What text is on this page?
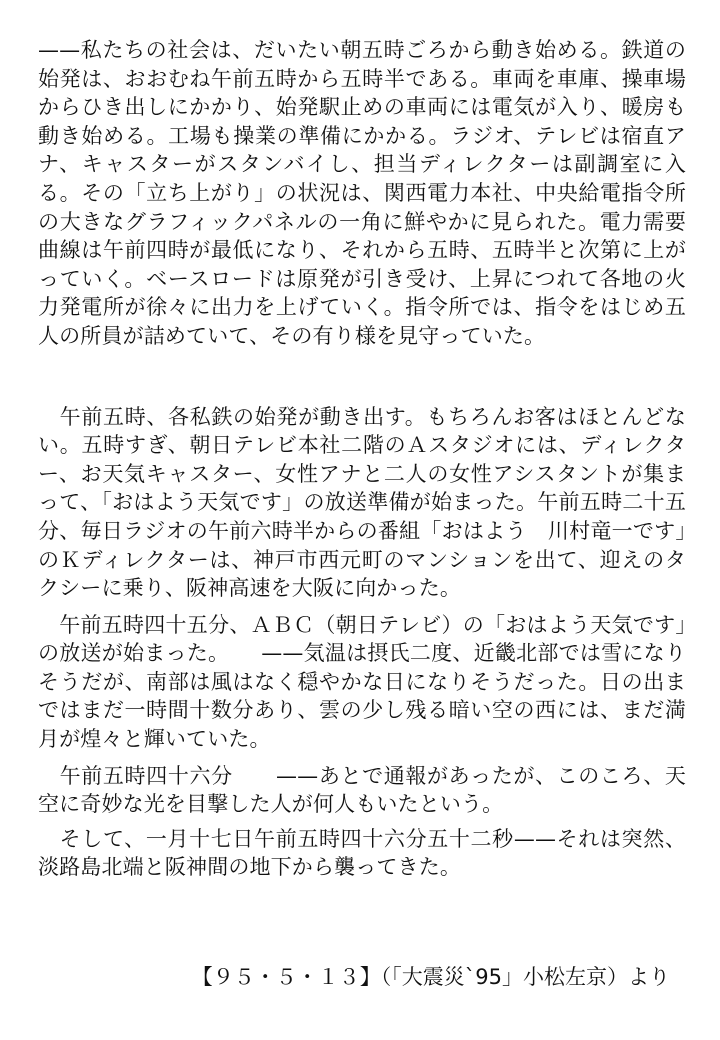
——私たちの社会は、だいたい朝五時ごろから動き始める。鉄道の始発は、おおむね午前五時から五時半である。車両を車庫、操車場からひき出しにかかり、始発駅止めの車両には電気が入り、暖房も動き始める。工場も操業の準備にかかる。ラジオ、テレビは宿直アナ、キャスターがスタンバイし、担当ディレクターは副調室に入る。その「立ち上がり」の状況は、関西電力本社、中央給電指令所の大きなグラフィックパネルの一角に鮮やかに見られた。電力需要曲線は午前四時が最低になり、それから五時、五時半と次第に上がっていく。ベースロードは原発が引き受け、上昇につれて各地の火力発電所が徐々に出力を上げていく。指令所では、指令をはじめ五人の所員が詰めていて、その有り様を見守っていた。

　午前五時、各私鉄の始発が動き出す。もちろんお客はほとんどない。五時すぎ、朝日テレビ本社二階のＡスタジオには、ディレクター、お天気キャスター、女性アナと二人の女性アシスタントが集まって、「おはよう天気です」の放送準備が始まった。午前五時二十五分、毎日ラジオの午前六時半からの番組「おはよう　川村竜一です」のＫディレクターは、神戸市西元町のマンションを出て、迎えのタクシーに乗り、阪神高速を大阪に向かった。

　午前五時四十五分、ＡＢＣ（朝日テレビ）の「おはよう天気です」の放送が始まった。　　——気温は摂氏二度、近畿北部では雪になりそうだが、南部は風はなく穏やかな日になりそうだった。日の出まではまだ一時間十数分あり、雲の少し残る暗い空の西には、まだ満月が煌々と輝いていた。

　午前五時四十六分　　——あとで通報があったが、このころ、天空に奇妙な光を目撃した人が何人もいたという。

　そして、一月十七日午前五時四十六分五十二秒——それは突然、淡路島北端と阪神間の地下から襲ってきた。

【９５・５・１３】（「大震災`95」小松左京）より
